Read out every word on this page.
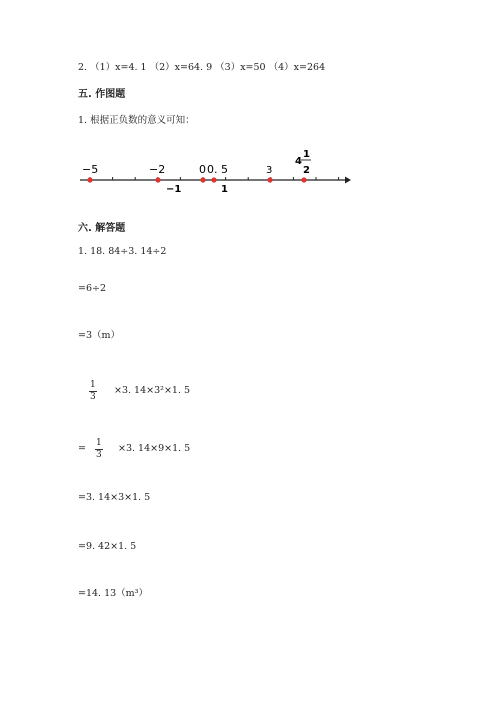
2. （1）x=4. 1 （2）x=64. 9 （3）x=50 （4）x=264
五. 作图题
1. 根据正负数的意义可知：
−5	−2	0 0. 5	3
−1	1
4
1
2
六. 解答题
1. 18. 84÷3. 14÷2
=6÷2
=3（m）
$\frac{1}{3} \times 3$. 14×3²×1. 5
= $\frac{1}{3} \times 3$. 14×9×1. 5
=3. 14×3×1. 5
=9. 42×1. 5
=14. 13（m³）
